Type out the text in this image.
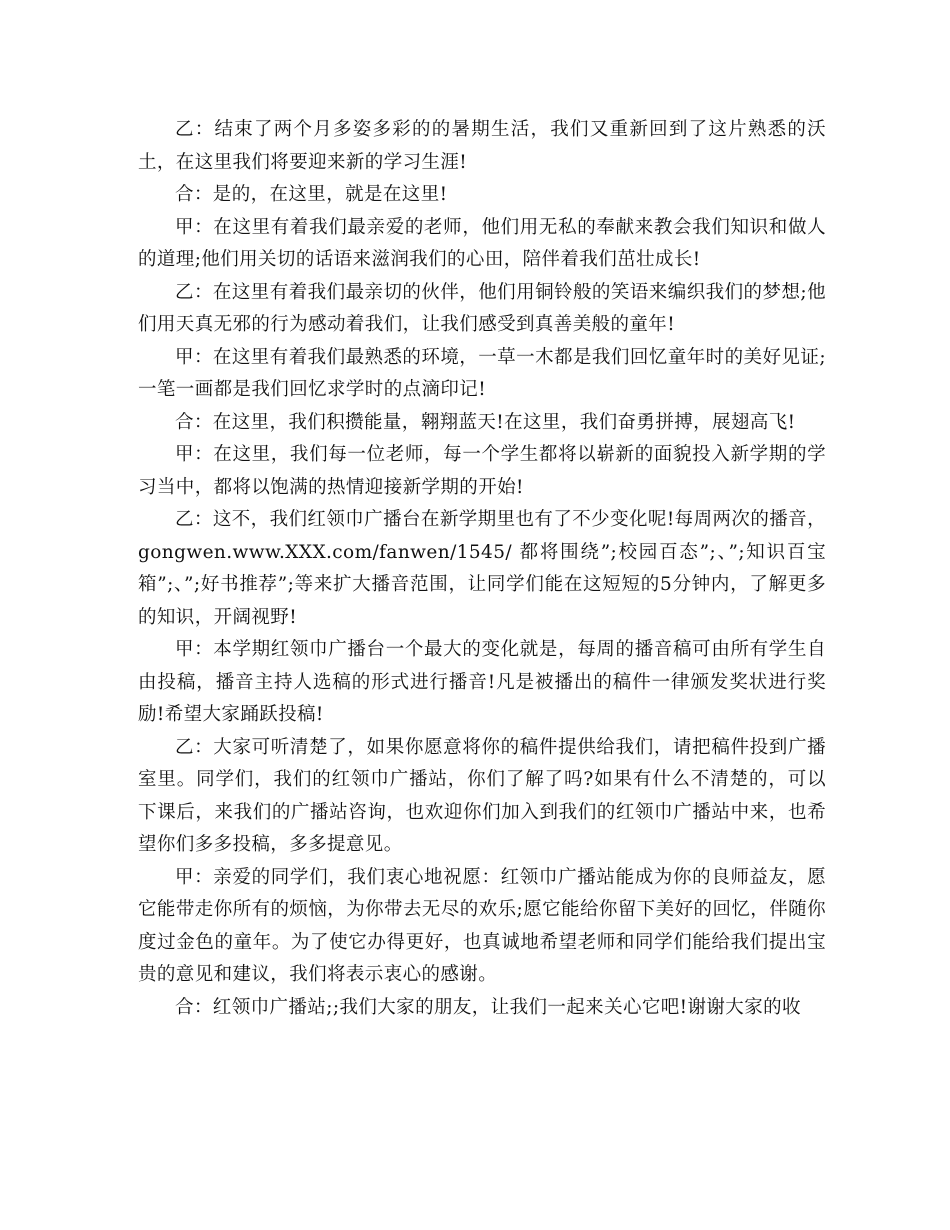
乙：结束了两个月多姿多彩的的暑期生活，我们又重新回到了这片熟悉的沃土，在这里我们将要迎来新的学习生涯!

合：是的，在这里，就是在这里!

甲：在这里有着我们最亲爱的老师，他们用无私的奉献来教会我们知识和做人的道理;他们用关切的话语来滋润我们的心田，陪伴着我们茁壮成长!

乙：在这里有着我们最亲切的伙伴，他们用铜铃般的笑语来编织我们的梦想;他们用天真无邪的行为感动着我们，让我们感受到真善美般的童年!

甲：在这里有着我们最熟悉的环境，一草一木都是我们回忆童年时的美好见证;一笔一画都是我们回忆求学时的点滴印记!

合：在这里，我们积攒能量，翱翔蓝天!在这里，我们奋勇拼搏，展翅高飞!

甲：在这里，我们每一位老师，每一个学生都将以崭新的面貌投入新学期的学习当中，都将以饱满的热情迎接新学期的开始!

乙：这不，我们红领巾广播台在新学期里也有了不少变化呢!每周两次的播音，gongwen.www.XXX.com/fanwen/1545/ 都将围绕”;校园百态”;、”;知识百宝箱”;、”;好书推荐”;等来扩大播音范围，让同学们能在这短短的5分钟内，了解更多的知识，开阔视野!

甲：本学期红领巾广播台一个最大的变化就是，每周的播音稿可由所有学生自由投稿，播音主持人选稿的形式进行播音!凡是被播出的稿件一律颁发奖状进行奖励!希望大家踊跃投稿!

乙：大家可听清楚了，如果你愿意将你的稿件提供给我们，请把稿件投到广播室里。同学们，我们的红领巾广播站，你们了解了吗?如果有什么不清楚的，可以下课后，来我们的广播站咨询，也欢迎你们加入到我们的红领巾广播站中来，也希望你们多多投稿，多多提意见。

甲：亲爱的同学们，我们衷心地祝愿：红领巾广播站能成为你的良师益友，愿它能带走你所有的烦恼，为你带去无尽的欢乐;愿它能给你留下美好的回忆，伴随你度过金色的童年。为了使它办得更好，也真诚地希望老师和同学们能给我们提出宝贵的意见和建议，我们将表示衷心的感谢。

合：红领巾广播站;;我们大家的朋友，让我们一起来关心它吧!谢谢大家的收
